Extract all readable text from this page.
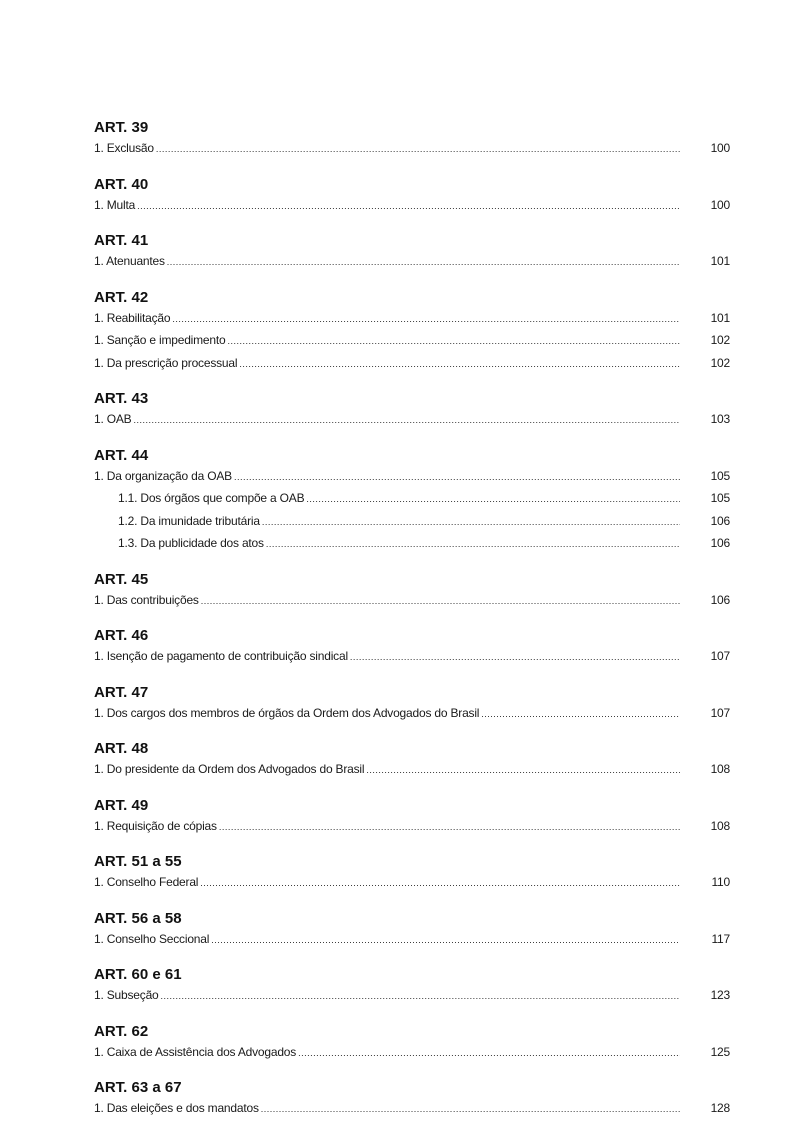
ART. 39
1. Exclusão .....	100
ART. 40
1. Multa .....	100
ART. 41
1. Atenuantes .....	101
ART. 42
1. Reabilitação .....	101
1. Sanção e impedimento .....	102
1. Da prescrição processual .....	102
ART. 43
1. OAB .....	103
ART. 44
1. Da organização da OAB .....	105
1.1. Dos órgãos que compõe a OAB .....	105
1.2. Da imunidade tributária .....	106
1.3. Da publicidade dos atos .....	106
ART. 45
1. Das contribuições .....	106
ART. 46
1. Isenção de pagamento de contribuição sindical .....	107
ART. 47
1. Dos cargos dos membros de órgãos da Ordem dos Advogados do Brasil .....	107
ART. 48
1. Do presidente da Ordem dos Advogados do Brasil .....	108
ART. 49
1. Requisição de cópias .....	108
ART. 51 a 55
1. Conselho Federal .....	110
ART. 56 a 58
1. Conselho Seccional .....	117
ART. 60 e 61
1. Subseção .....	123
ART. 62
1. Caixa de Assistência dos Advogados .....	125
ART. 63 a 67
1. Das eleições e dos mandatos .....	128
